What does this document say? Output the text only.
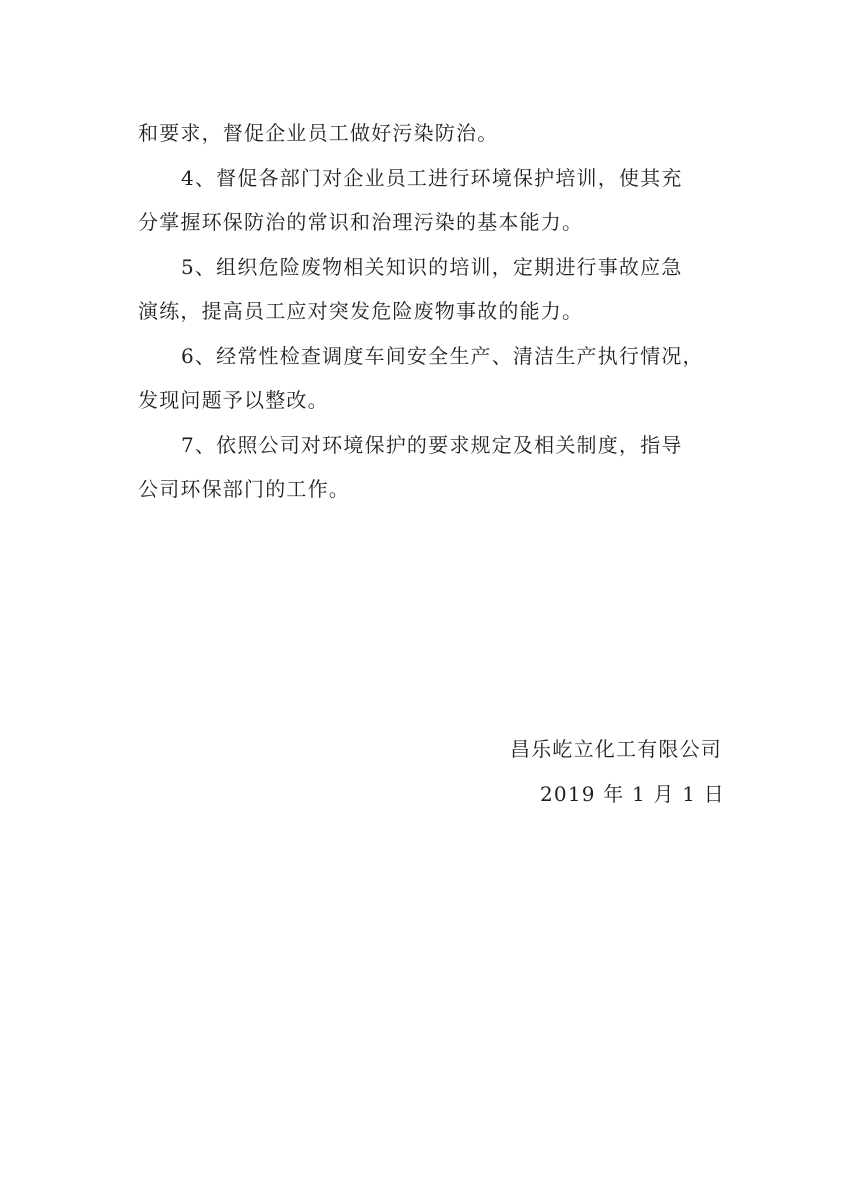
和要求，督促企业员工做好污染防治。
4、督促各部门对企业员工进行环境保护培训，使其充
分掌握环保防治的常识和治理污染的基本能力。
5、组织危险废物相关知识的培训，定期进行事故应急
演练，提高员工应对突发危险废物事故的能力。
6、经常性检查调度车间安全生产、清洁生产执行情况，
发现问题予以整改。
7、依照公司对环境保护的要求规定及相关制度，指导
公司环保部门的工作。
昌乐屹立化工有限公司
2019 年 1 月 1 日
